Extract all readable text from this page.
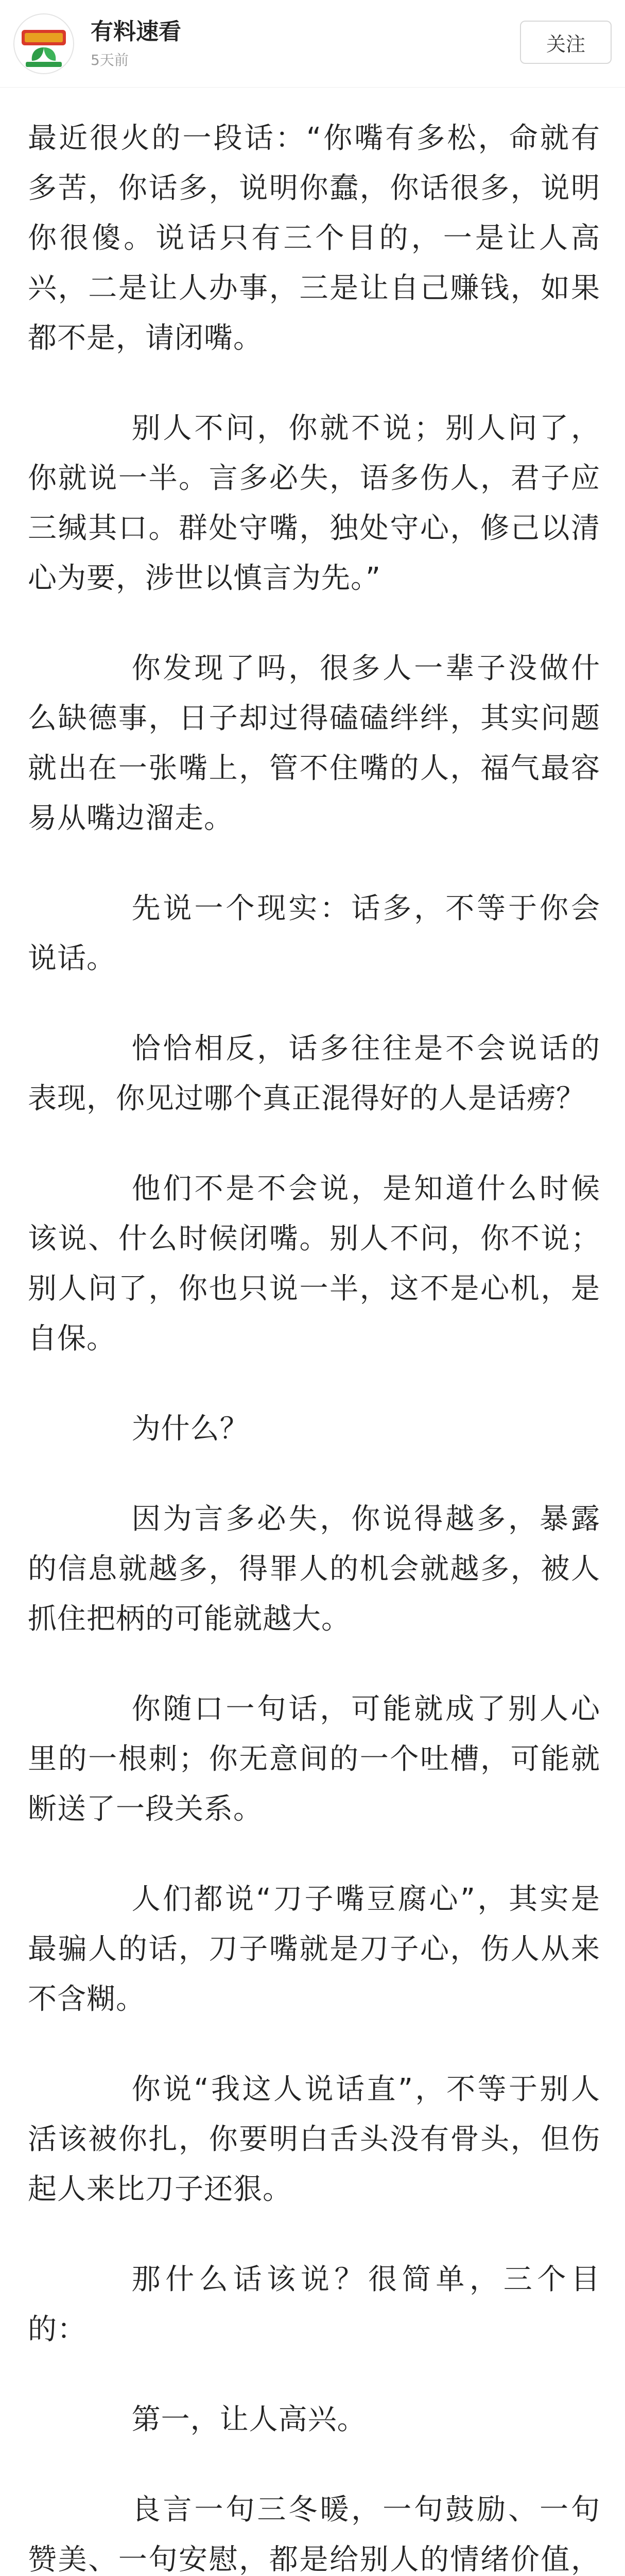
有料速看
5天前
关注

最近很火的一段话：“你嘴有多松，命就有多苦，你话多，说明你蠢，你话很多，说明你很傻。说话只有三个目的，一是让人高兴，二是让人办事，三是让自己赚钱，如果都不是，请闭嘴。

别人不问，你就不说；别人问了，你就说一半。言多必失，语多伤人，君子应三缄其口。群处守嘴，独处守心，修己以清心为要，涉世以慎言为先。”

你发现了吗，很多人一辈子没做什么缺德事，日子却过得磕磕绊绊，其实问题就出在一张嘴上，管不住嘴的人，福气最容易从嘴边溜走。

先说一个现实：话多，不等于你会说话。

恰恰相反，话多往往是不会说话的表现，你见过哪个真正混得好的人是话痨？

他们不是不会说，是知道什么时候该说、什么时候闭嘴。别人不问，你不说；别人问了，你也只说一半，这不是心机，是自保。

为什么？

因为言多必失，你说得越多，暴露的信息就越多，得罪人的机会就越多，被人抓住把柄的可能就越大。

你随口一句话，可能就成了别人心里的一根刺；你无意间的一个吐槽，可能就断送了一段关系。

人们都说“刀子嘴豆腐心”，其实是最骗人的话，刀子嘴就是刀子心，伤人从来不含糊。

你说“我这人说话直”，不等于别人活该被你扎，你要明白舌头没有骨头，但伤起人来比刀子还狠。

那什么话该说？很简单，三个目的：

第一，让人高兴。

良言一句三冬暖，一句鼓励、一句赞美、一句安慰，都是给别人的情绪价值，
